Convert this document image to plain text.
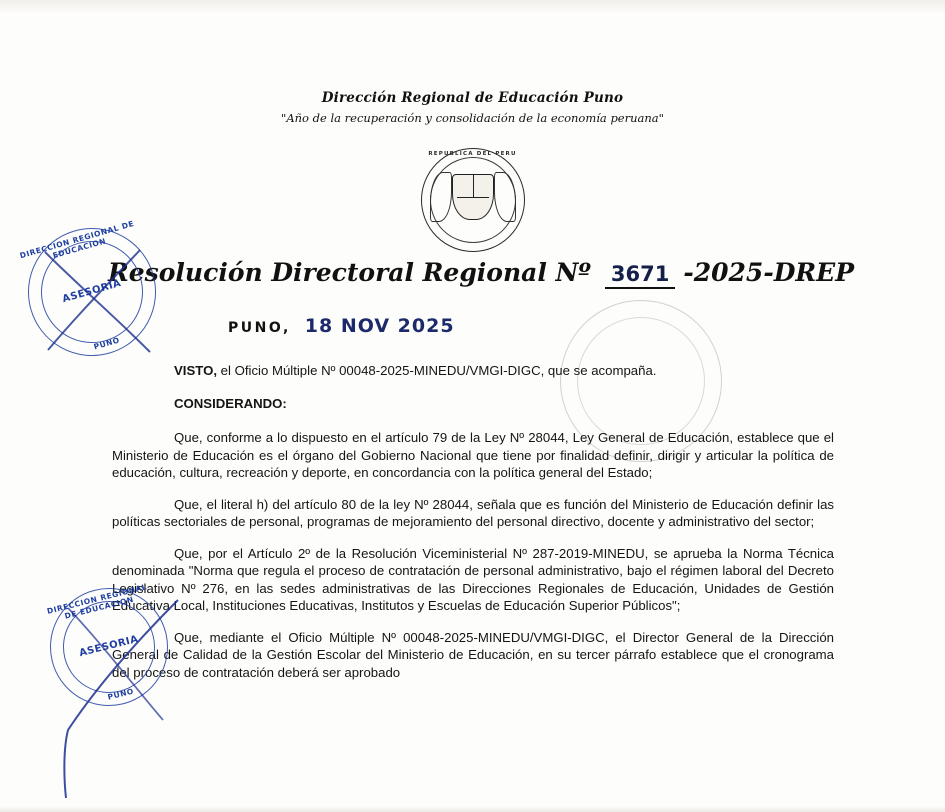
Dirección Regional de Educación Puno
"Año de la recuperación y consolidación de la economía peruana"
REPUBLICA DEL PERU
Resolución Directoral Regional Nº 3671 -2025-DREP
PUNO, 18 NOV 2025
VISTO, el Oficio Múltiple Nº 00048-2025-MINEDU/VMGI-DIGC, que se acompaña.
CONSIDERANDO:
Que, conforme a lo dispuesto en el artículo 79 de la Ley Nº 28044, Ley General de Educación, establece que el Ministerio de Educación es el órgano del Gobierno Nacional que tiene por finalidad definir, dirigir y articular la política de educación, cultura, recreación y deporte, en concordancia con la política general del Estado;
Que, el literal h) del artículo 80 de la ley Nº 28044, señala que es función del Ministerio de Educación definir las políticas sectoriales de personal, programas de mejoramiento del personal directivo, docente y administrativo del sector;
Que, por el Artículo 2º de la Resolución Viceministerial Nº 287-2019-MINEDU, se aprueba la Norma Técnica denominada "Norma que regula el proceso de contratación de personal administrativo, bajo el régimen laboral del Decreto Legislativo Nº 276, en las sedes administrativas de las Direcciones Regionales de Educación, Unidades de Gestión Educativa Local, Instituciones Educativas, Institutos y Escuelas de Educación Superior Públicos";
Que, mediante el Oficio Múltiple Nº 00048-2025-MINEDU/VMGI-DIGC, el Director General de la Dirección General de Calidad de la Gestión Escolar del Ministerio de Educación, en su tercer párrafo establece que el cronograma del proceso de contratación deberá ser aprobado
DIRECCION REGIONAL DE EDUCACION
ASESORIA
PUNO
DIRECCION REGIONAL DE EDUCACION
ASESORIA
PUNO
